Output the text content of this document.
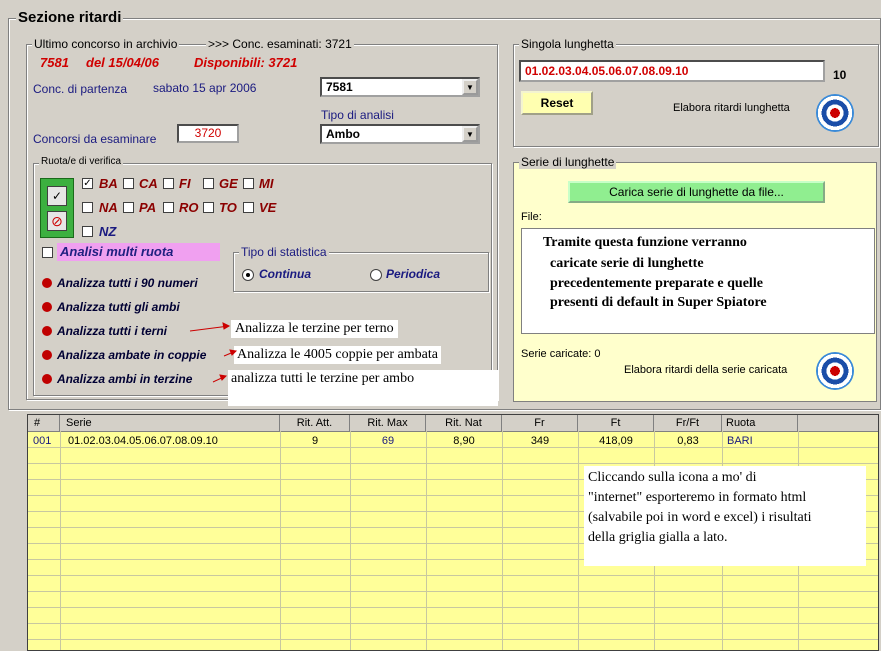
Sezione ritardi
Ultimo concorso in archivio	>>> Conc. esaminati: 3721
7581 del 15/04/06	Disponibili: 3721
Conc. di partenza sabato 15 apr 2006	7581	▼
Tipo di analisi
Ambo	▼
Concorsi da esaminare	3720
Ruota/e di verifica
✓
⊘
✓ BA CA FI GE MI
NA PA RO TO VE
NZ
Analisi multi ruota	Tipo di statistica
Continua	Periodica
Analizza tutti i 90 numeri
Analizza tutti gli ambi
Analizza tutti i terni
Analizza ambate in coppie
Analizza ambi in terzine
Analizza le terzine per terno
Analizza le 4005 coppie per ambata
analizza tutti le terzine per ambo
Singola lunghetta
01.02.03.04.05.06.07.08.09.10	10
Reset	Elabora ritardi lunghetta
Serie di lunghette
Carica serie di lunghette da file...
File:
Tramite questa funzione verranno
caricate serie di lunghette
precedentemente preparate e quelle
presenti di default in Super Spiatore
Serie caricate: 0
Elabora ritardi della serie caricata
#	Serie	Rit. Att.	Rit. Max	Rit. Nat	Fr	Ft	Fr/Ft	Ruota
001 01.02.03.04.05.06.07.08.09.10	9	69	8,90	349	418,09	0,83	BARI
Cliccando sulla icona a mo' di
"internet" esporteremo in formato html
(salvabile poi in word e excel) i risultati
della griglia gialla a lato.
